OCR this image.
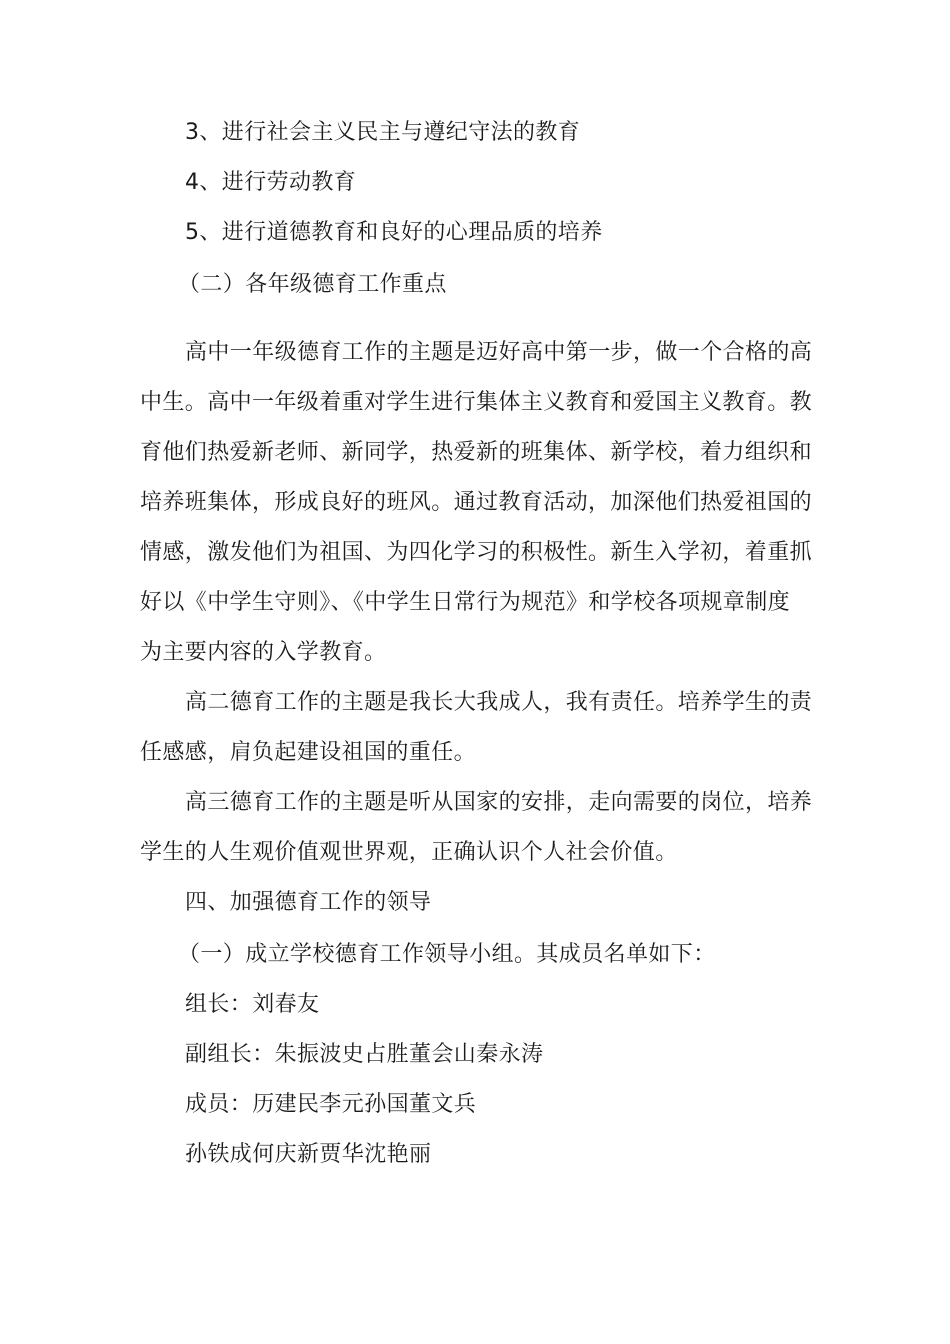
3、进行社会主义民主与遵纪守法的教育
4、进行劳动教育
5、进行道德教育和良好的心理品质的培养
（二）各年级德育工作重点
高中一年级德育工作的主题是迈好高中第一步，做一个合格的高
中生。高中一年级着重对学生进行集体主义教育和爱国主义教育。教
育他们热爱新老师、新同学，热爱新的班集体、新学校，着力组织和
培养班集体，形成良好的班风。通过教育活动，加深他们热爱祖国的
情感，激发他们为祖国、为四化学习的积极性。新生入学初，着重抓
好以《中学生守则》、《中学生日常行为规范》和学校各项规章制度
为主要内容的入学教育。
高二德育工作的主题是我长大我成人，我有责任。培养学生的责
任感感，肩负起建设祖国的重任。
高三德育工作的主题是听从国家的安排，走向需要的岗位，培养
学生的人生观价值观世界观，正确认识个人社会价值。
四、加强德育工作的领导
（一）成立学校德育工作领导小组。其成员名单如下：
组长：刘春友
副组长：朱振波史占胜董会山秦永涛
成员：历建民李元孙国董文兵
孙铁成何庆新贾华沈艳丽
